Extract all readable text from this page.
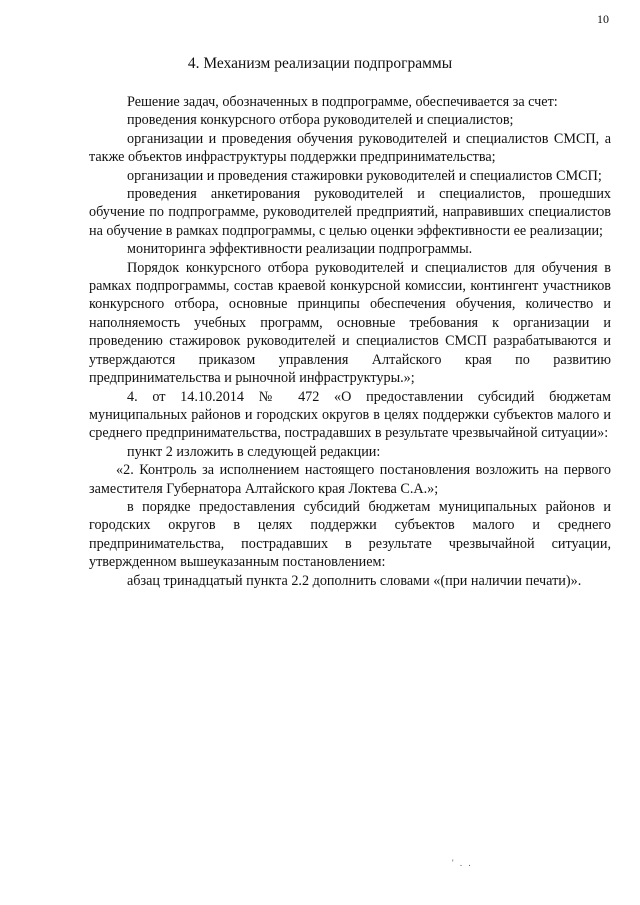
10
4. Механизм реализации подпрограммы

Решение задач, обозначенных в подпрограмме, обеспечивается за счет:

проведения конкурсного отбора руководителей и специалистов;

организации и проведения обучения руководителей и специалистов СМСП, а также объектов инфраструктуры поддержки предпринимательства;

организации и проведения стажировки руководителей и специалистов СМСП;

проведения анкетирования руководителей и специалистов, прошедших обучение по подпрограмме, руководителей предприятий, направивших специалистов на обучение в рамках подпрограммы, с целью оценки эффективности ее реализации;

мониторинга эффективности реализации подпрограммы.

Порядок конкурсного отбора руководителей и специалистов для обучения в рамках подпрограммы, состав краевой конкурсной комиссии, контингент участников конкурсного отбора, основные принципы обеспечения обучения, количество и наполняемость учебных программ, основные требования к организации и проведению стажировок руководителей и специалистов СМСП разрабатываются и утверждаются приказом управления Алтайского края по развитию предпринимательства и рыночной инфраструктуры.»;

4. от 14.10.2014 № 472 «О предоставлении субсидий бюджетам муниципальных районов и городских округов в целях поддержки субъектов малого и среднего предпринимательства, пострадавших в результате чрезвычайной ситуации»:

пункт 2 изложить в следующей редакции:

«2. Контроль за исполнением настоящего постановления возложить на первого заместителя Губернатора Алтайского края Локтева С.А.»;

в порядке предоставления субсидий бюджетам муниципальных районов и городских округов в целях поддержки субъектов малого и среднего предпринимательства, пострадавших в результате чрезвычайной ситуации, утвержденном вышеуказанным постановлением:

абзац тринадцатый пункта 2.2 дополнить словами «(при наличии печати)».

' . .
